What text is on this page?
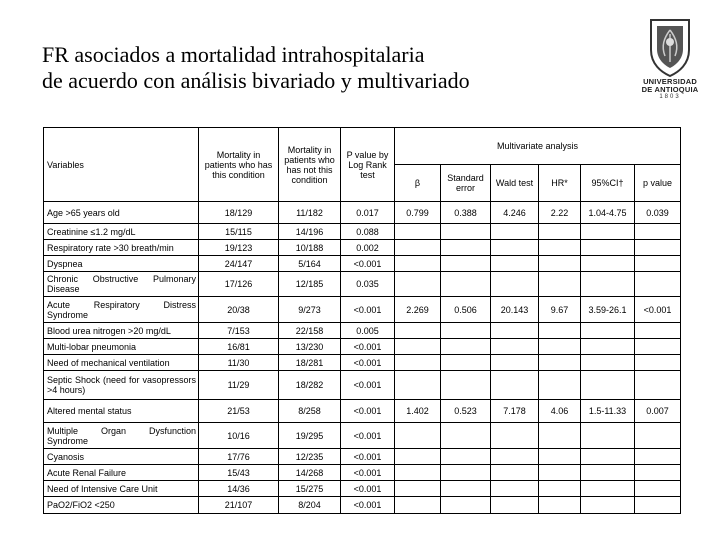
FR asociados a mortalidad intrahospitalaria
de acuerdo con análisis bivariado y multivariado	UNIVERSIDAD
DE ANTIOQUIA
1803
Variables	Mortality in patients who has this condition	Mortality in patients who has not this condition	P value by Log Rank test	Multivariate analysis					
				β	Standard error	Wald test	HR*	95%CI†	p value
Age >65 years old	18/129	11/182	0.017	0.799	0.388	4.246	2.22	1.04-4.75	0.039
Creatinine ≤1.2 mg/dL	15/115	14/196	0.088						
Respiratory rate >30 breath/min	19/123	10/188	0.002						
Dyspnea	24/147	5/164	<0.001						
Chronic Obstructive Pulmonary Disease	17/126	12/185	0.035						
Acute Respiratory Distress Syndrome	20/38	9/273	<0.001	2.269	0.506	20.143	9.67	3.59-26.1	<0.001
Blood urea nitrogen >20 mg/dL	7/153	22/158	0.005						
Multi-lobar pneumonia	16/81	13/230	<0.001						
Need of mechanical ventilation	11/30	18/281	<0.001						
Septic Shock (need for vasopressors >4 hours)	11/29	18/282	<0.001						
Altered mental status	21/53	8/258	<0.001	1.402	0.523	7.178	4.06	1.5-11.33	0.007
Multiple Organ Dysfunction Syndrome	10/16	19/295	<0.001						
Cyanosis	17/76	12/235	<0.001						
Acute Renal Failure	15/43	14/268	<0.001						
Need of Intensive Care Unit	14/36	15/275	<0.001						
PaO2/FiO2 <250	21/107	8/204	<0.001						
